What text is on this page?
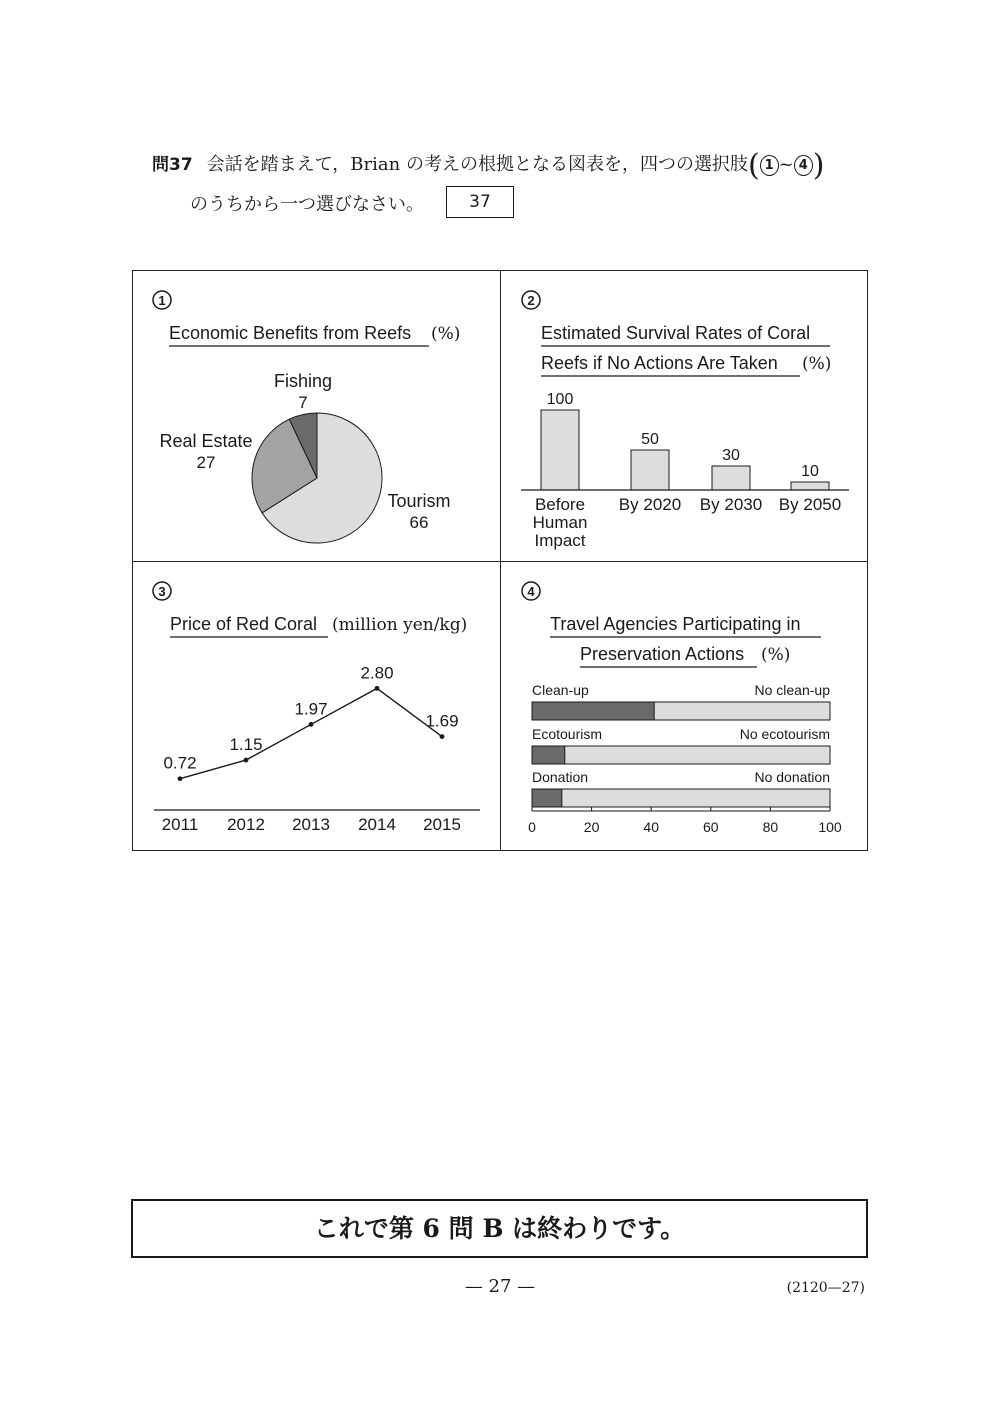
問37 会話を踏まえて，Brian の考えの根拠となる図表を，四つの選択肢( 1 ~ 4 )
のうちから一つ選びなさい。	37
1	2
3	4
Economic Benefits from Reefs (%)
Fishing
7
Real Estate
27
Tourism
66
Estimated Survival Rates of Coral
Reefs if No Actions Are Taken (%)
100
Before
Human
Impact
50
By 2020
30
By 2030
10
By 2050
Price of Red Coral (million yen/kg)
0.72
2011
1.15
2012
1.97
2013
2.80
2014
1.69
2015
Travel Agencies Participating in
Preservation Actions (%)
Clean-up	No clean-up
Ecotourism	No ecotourism
Donation	No donation
0	20	40	60	80	100
これで第 6 問 B は終わりです。
— 27 —	(2120—27)
